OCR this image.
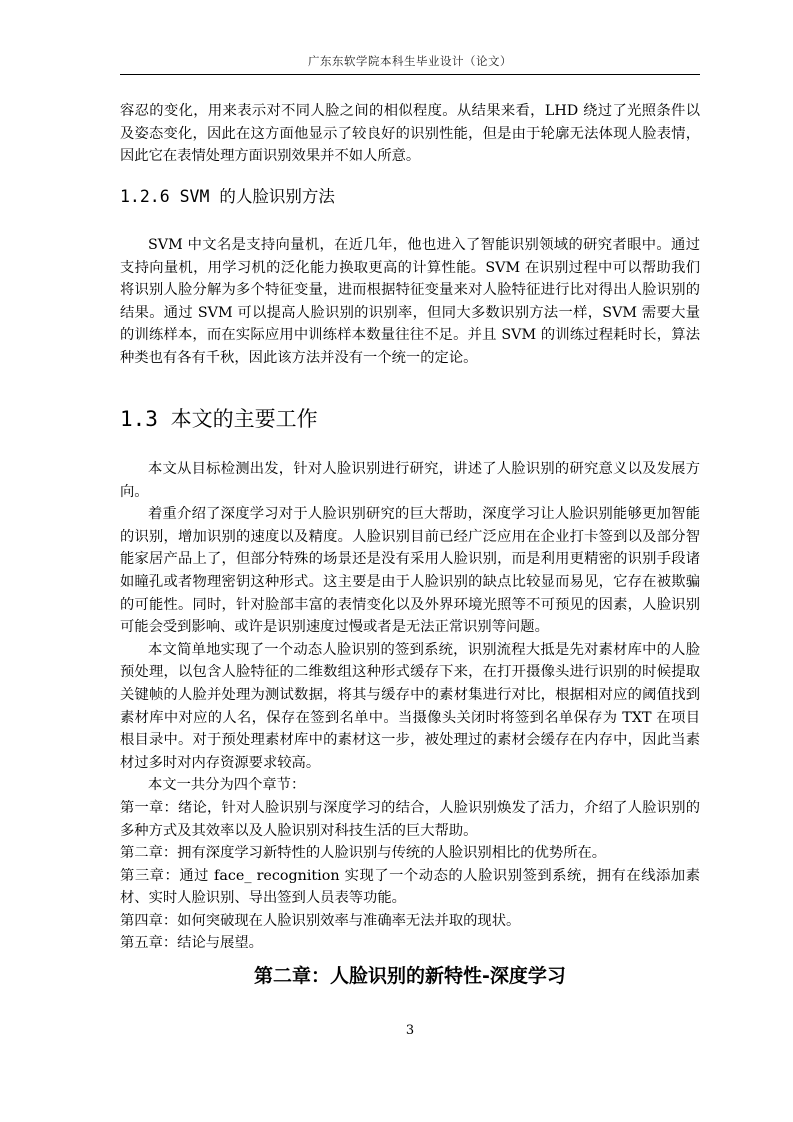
广东东软学院本科生毕业设计（论文）

容忍的变化，用来表示对不同人脸之间的相似程度。从结果来看，LHD 绕过了光照条件以及姿态变化，因此在这方面他显示了较良好的识别性能，但是由于轮廓无法体现人脸表情，因此它在表情处理方面识别效果并不如人所意。

1.2.6 SVM 的人脸识别方法

SVM 中文名是支持向量机，在近几年，他也进入了智能识别领域的研究者眼中。通过支持向量机，用学习机的泛化能力换取更高的计算性能。SVM 在识别过程中可以帮助我们将识别人脸分解为多个特征变量，进而根据特征变量来对人脸特征进行比对得出人脸识别的结果。通过 SVM 可以提高人脸识别的识别率，但同大多数识别方法一样，SVM 需要大量的训练样本，而在实际应用中训练样本数量往往不足。并且 SVM 的训练过程耗时长，算法种类也有各有千秋，因此该方法并没有一个统一的定论。

1.3 本文的主要工作

本文从目标检测出发，针对人脸识别进行研究，讲述了人脸识别的研究意义以及发展方向。

着重介绍了深度学习对于人脸识别研究的巨大帮助，深度学习让人脸识别能够更加智能的识别，增加识别的速度以及精度。人脸识别目前已经广泛应用在企业打卡签到以及部分智能家居产品上了，但部分特殊的场景还是没有采用人脸识别，而是利用更精密的识别手段诸如瞳孔或者物理密钥这种形式。这主要是由于人脸识别的缺点比较显而易见，它存在被欺骗的可能性。同时，针对脸部丰富的表情变化以及外界环境光照等不可预见的因素，人脸识别可能会受到影响、或许是识别速度过慢或者是无法正常识别等问题。

本文简单地实现了一个动态人脸识别的签到系统，识别流程大抵是先对素材库中的人脸预处理，以包含人脸特征的二维数组这种形式缓存下来，在打开摄像头进行识别的时候提取关键帧的人脸并处理为测试数据，将其与缓存中的素材集进行对比，根据相对应的阈值找到素材库中对应的人名，保存在签到名单中。当摄像头关闭时将签到名单保存为 TXT 在项目根目录中。对于预处理素材库中的素材这一步，被处理过的素材会缓存在内存中，因此当素材过多时对内存资源要求较高。

本文一共分为四个章节：

第一章：绪论，针对人脸识别与深度学习的结合，人脸识别焕发了活力，介绍了人脸识别的多种方式及其效率以及人脸识别对科技生活的巨大帮助。

第二章：拥有深度学习新特性的人脸识别与传统的人脸识别相比的优势所在。

第三章：通过 face_ recognition 实现了一个动态的人脸识别签到系统，拥有在线添加素材、实时人脸识别、导出签到人员表等功能。

第四章：如何突破现在人脸识别效率与准确率无法并取的现状。

第五章：结论与展望。

第二章：人脸识别的新特性-深度学习
3
